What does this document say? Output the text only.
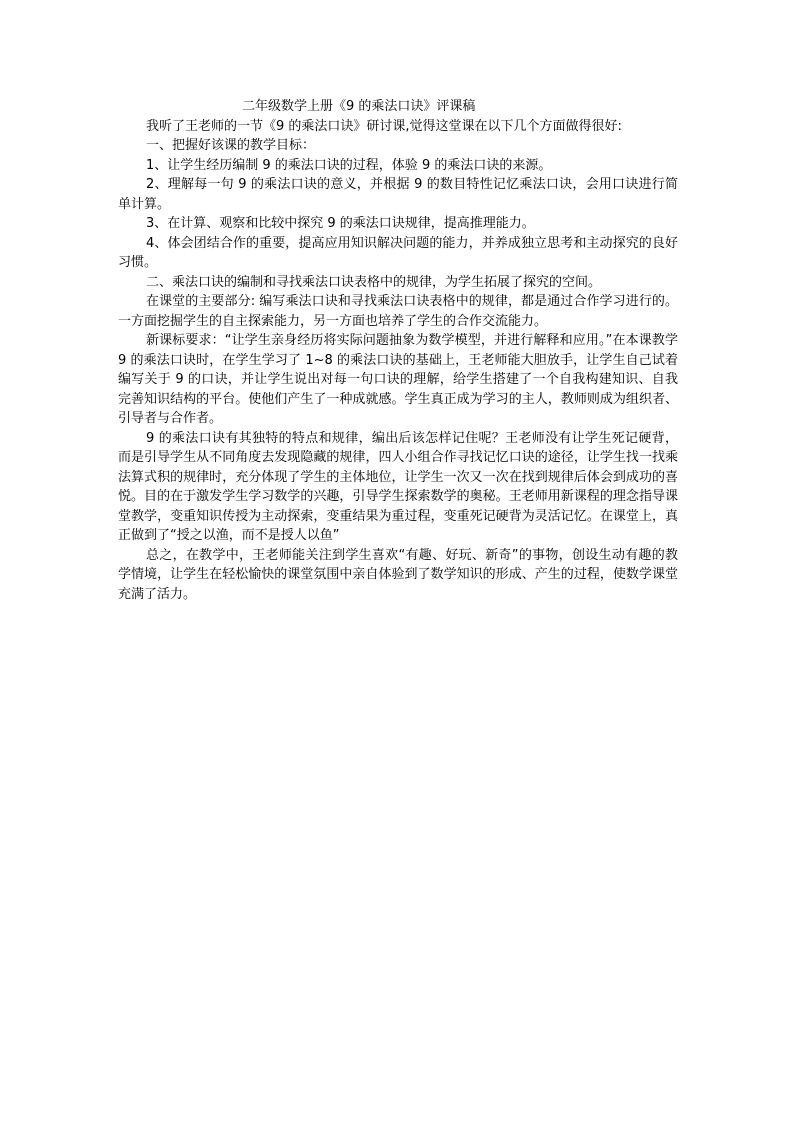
二年级数学上册《9 的乘法口诀》评课稿

我听了王老师的一节《9 的乘法口诀》研讨课,觉得这堂课在以下几个方面做得很好:

一、把握好该课的教学目标：

1、让学生经历编制 9 的乘法口诀的过程，体验 9 的乘法口诀的来源。

2、理解每一句 9 的乘法口诀的意义，并根据 9 的数目特性记忆乘法口诀，会用口诀进行简单计算。

3、在计算、观察和比较中探究 9 的乘法口诀规律，提高推理能力。

4、体会团结合作的重要，提高应用知识解决问题的能力，并养成独立思考和主动探究的良好习惯。

二、乘法口诀的编制和寻找乘法口诀表格中的规律，为学生拓展了探究的空间。

在课堂的主要部分: 编写乘法口诀和寻找乘法口诀表格中的规律，都是通过合作学习进行的。一方面挖掘学生的自主探索能力，另一方面也培养了学生的合作交流能力。

新课标要求：“让学生亲身经历将实际问题抽象为数学模型，并进行解释和应用。”在本课教学 9 的乘法口诀时，在学生学习了 1~8 的乘法口诀的基础上，王老师能大胆放手，让学生自己试着编写关于 9 的口诀，并让学生说出对每一句口诀的理解，给学生搭建了一个自我构建知识、自我完善知识结构的平台。使他们产生了一种成就感。学生真正成为学习的主人，教师则成为组织者、引导者与合作者。

9 的乘法口诀有其独特的特点和规律，编出后该怎样记住呢？王老师没有让学生死记硬背，而是引导学生从不同角度去发现隐藏的规律，四人小组合作寻找记忆口诀的途径，让学生找一找乘法算式积的规律时，充分体现了学生的主体地位，让学生一次又一次在找到规律后体会到成功的喜悦。目的在于激发学生学习数学的兴趣，引导学生探索数学的奥秘。王老师用新课程的理念指导课堂教学，变重知识传授为主动探索，变重结果为重过程，变重死记硬背为灵活记忆。在课堂上，真正做到了“授之以渔，而不是授人以鱼”

总之，在教学中，王老师能关注到学生喜欢“有趣、好玩、新奇”的事物，创设生动有趣的教学情境，让学生在轻松愉快的课堂氛围中亲自体验到了数学知识的形成、产生的过程，使数学课堂充满了活力。
